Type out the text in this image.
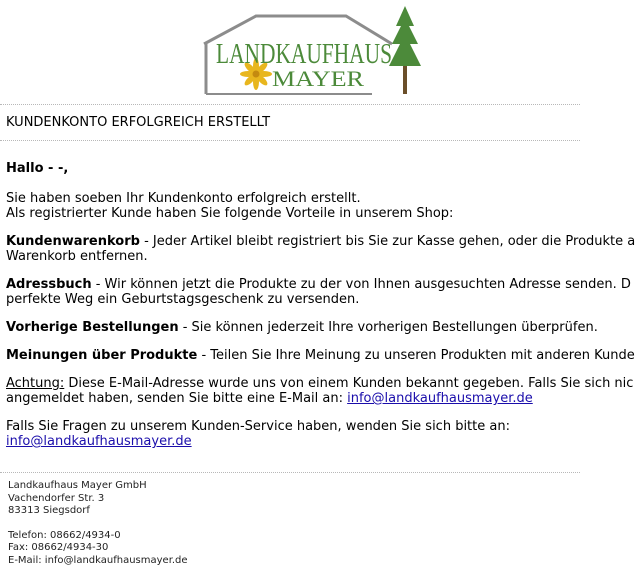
LANDKAUFHAUS
MAYER
KUNDENKONTO ERFOLGREICH ERSTELLT

Hallo - -,

Sie haben soeben Ihr Kundenkonto erfolgreich erstellt.
Als registrierter Kunde haben Sie folgende Vorteile in unserem Shop:

Kundenwarenkorb - Jeder Artikel bleibt registriert bis Sie zur Kasse gehen, oder die Produkte a
Warenkorb entfernen.

Adressbuch - Wir können jetzt die Produkte zu der von Ihnen ausgesuchten Adresse senden. D
perfekte Weg ein Geburtstagsgeschenk zu versenden.

Vorherige Bestellungen - Sie können jederzeit Ihre vorherigen Bestellungen überprüfen.

Meinungen über Produkte - Teilen Sie Ihre Meinung zu unseren Produkten mit anderen Kunde

Achtung: Diese E-Mail-Adresse wurde uns von einem Kunden bekannt gegeben. Falls Sie sich nic
angemeldet haben, senden Sie bitte eine E-Mail an: info@landkaufhausmayer.de

Falls Sie Fragen zu unserem Kunden-Service haben, wenden Sie sich bitte an:
info@landkaufhausmayer.de

Landkaufhaus Mayer GmbH
Vachendorfer Str. 3
83313 Siegsdorf
Telefon: 08662/4934-0
Fax: 08662/4934-30
E-Mail: info@landkaufhausmayer.de
